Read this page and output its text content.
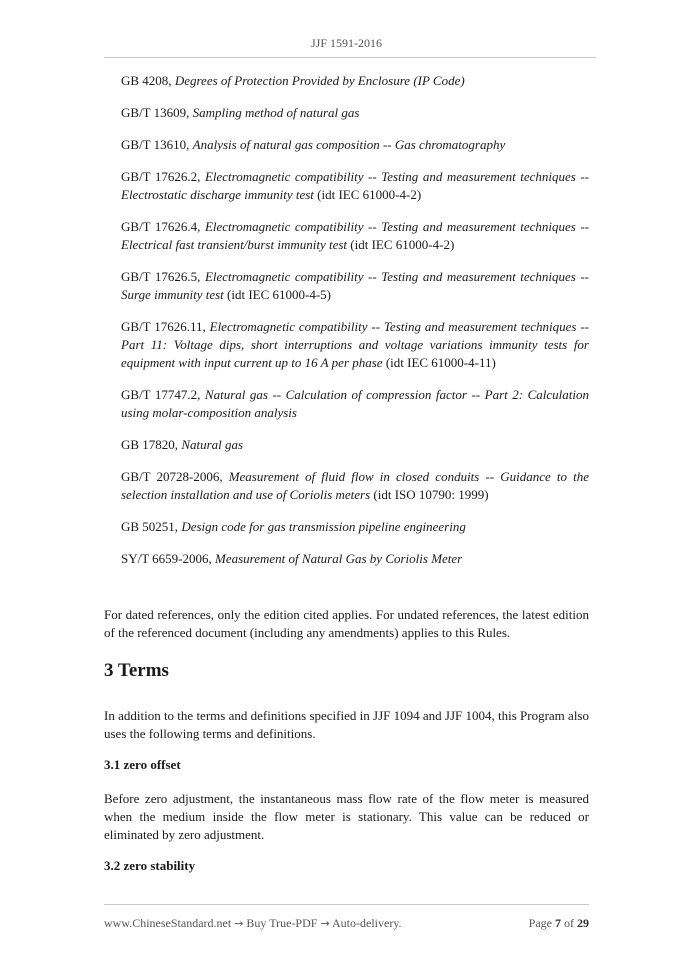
JJF 1591-2016

GB 4208, Degrees of Protection Provided by Enclosure (IP Code)

GB/T 13609, Sampling method of natural gas

GB/T 13610, Analysis of natural gas composition -- Gas chromatography

GB/T 17626.2, Electromagnetic compatibility -- Testing and measurement techniques -- Electrostatic discharge immunity test (idt IEC 61000-4-2)

GB/T 17626.4, Electromagnetic compatibility -- Testing and measurement techniques -- Electrical fast transient/burst immunity test (idt IEC 61000-4-2)

GB/T 17626.5, Electromagnetic compatibility -- Testing and measurement techniques -- Surge immunity test (idt IEC 61000-4-5)

GB/T 17626.11, Electromagnetic compatibility -- Testing and measurement techniques -- Part 11: Voltage dips, short interruptions and voltage variations immunity tests for equipment with input current up to 16 A per phase (idt IEC 61000-4-11)

GB/T 17747.2, Natural gas -- Calculation of compression factor -- Part 2: Calculation using molar-composition analysis

GB 17820, Natural gas

GB/T 20728-2006, Measurement of fluid flow in closed conduits -- Guidance to the selection installation and use of Coriolis meters (idt ISO 10790: 1999)

GB 50251, Design code for gas transmission pipeline engineering

SY/T 6659-2006, Measurement of Natural Gas by Coriolis Meter

For dated references, only the edition cited applies. For undated references, the latest edition of the referenced document (including any amendments) applies to this Rules.

3 Terms

In addition to the terms and definitions specified in JJF 1094 and JJF 1004, this Program also uses the following terms and definitions.

3.1 zero offset

Before zero adjustment, the instantaneous mass flow rate of the flow meter is measured when the medium inside the flow meter is stationary. This value can be reduced or eliminated by zero adjustment.

3.2 zero stability

www.ChineseStandard.net → Buy True-PDF → Auto-delivery.	Page 7 of 29
